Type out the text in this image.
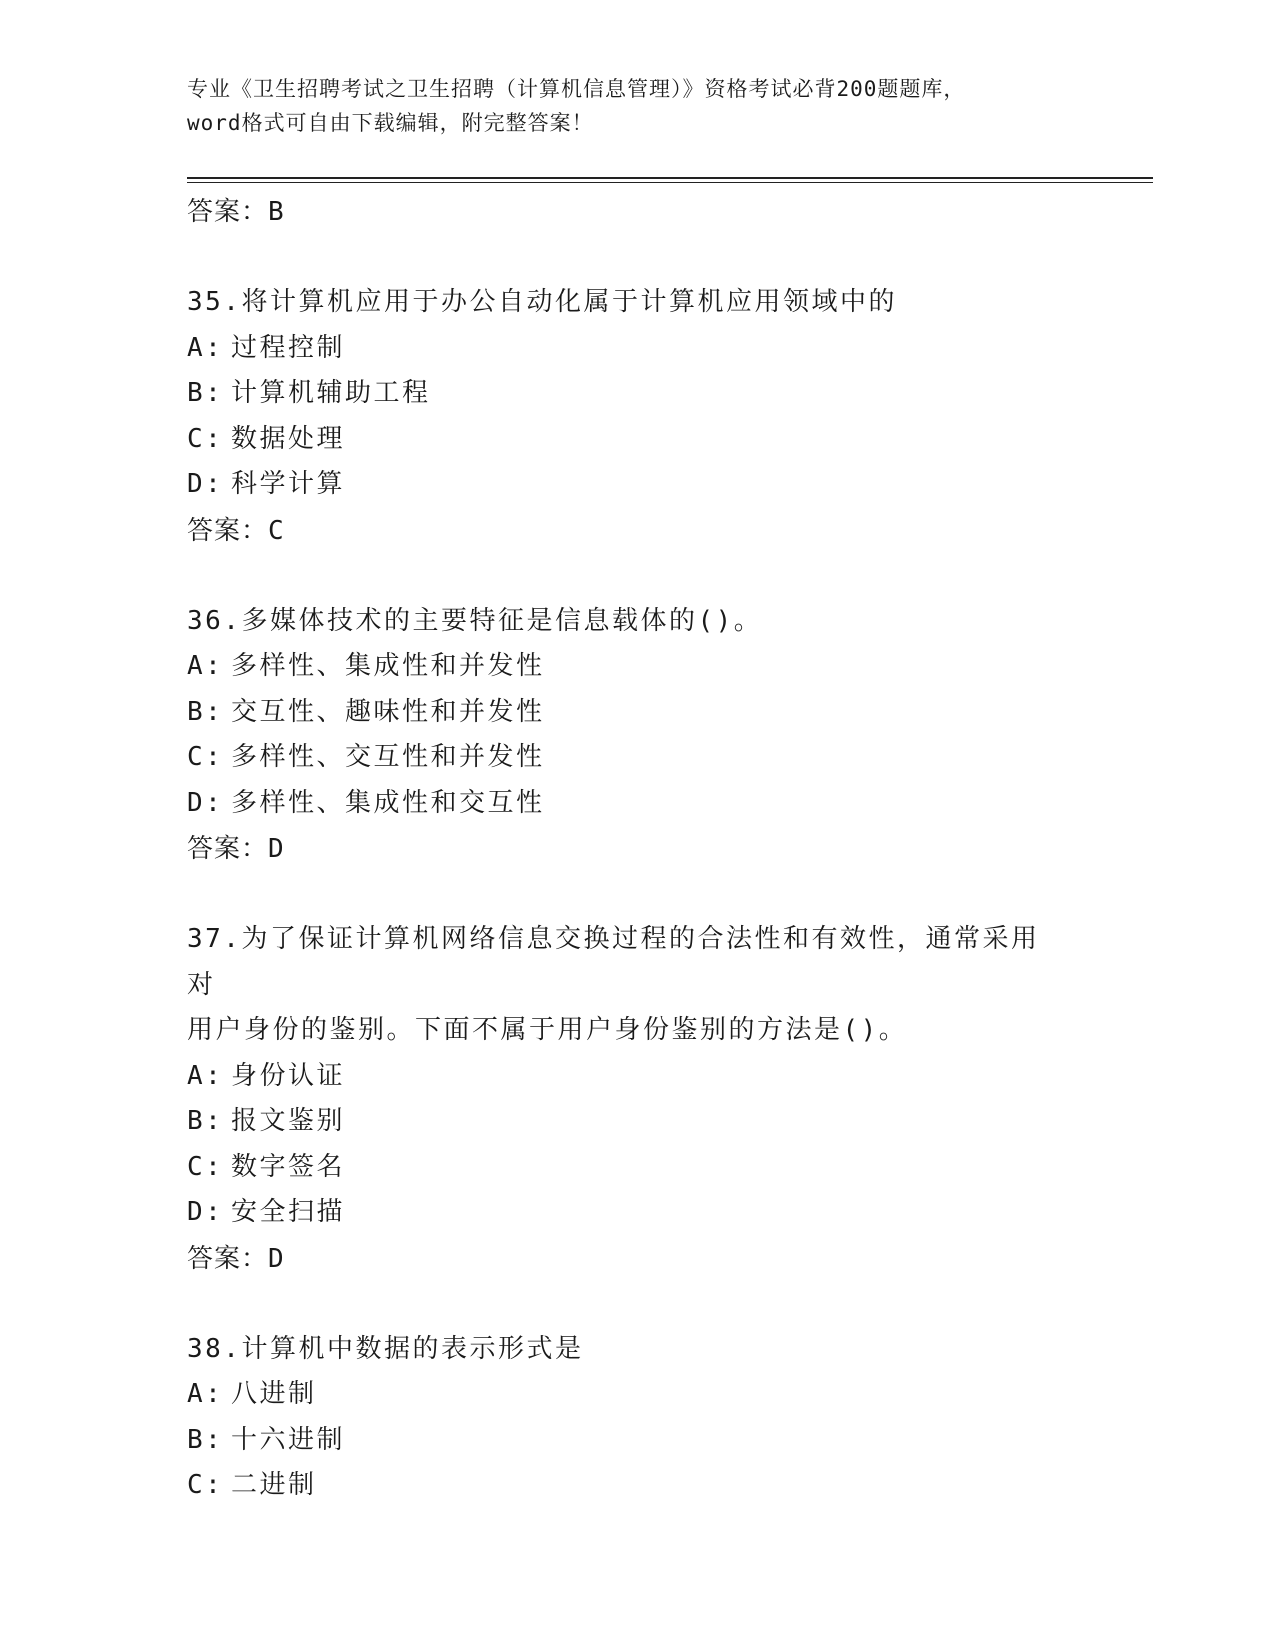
专业《卫生招聘考试之卫生招聘（计算机信息管理）》资格考试必背200题题库，
word格式可自由下载编辑，附完整答案！
答案：B
35.将计算机应用于办公自动化属于计算机应用领域中的
A: 过程控制
B: 计算机辅助工程
C: 数据处理
D: 科学计算
答案：C
36.多媒体技术的主要特征是信息载体的()。
A: 多样性、集成性和并发性
B: 交互性、趣味性和并发性
C: 多样性、交互性和并发性
D: 多样性、集成性和交互性
答案：D
37.为了保证计算机网络信息交换过程的合法性和有效性，通常采用对
用户身份的鉴别。下面不属于用户身份鉴别的方法是()。
A: 身份认证
B: 报文鉴别
C: 数字签名
D: 安全扫描
答案：D
38.计算机中数据的表示形式是
A: 八进制
B: 十六进制
C: 二进制
